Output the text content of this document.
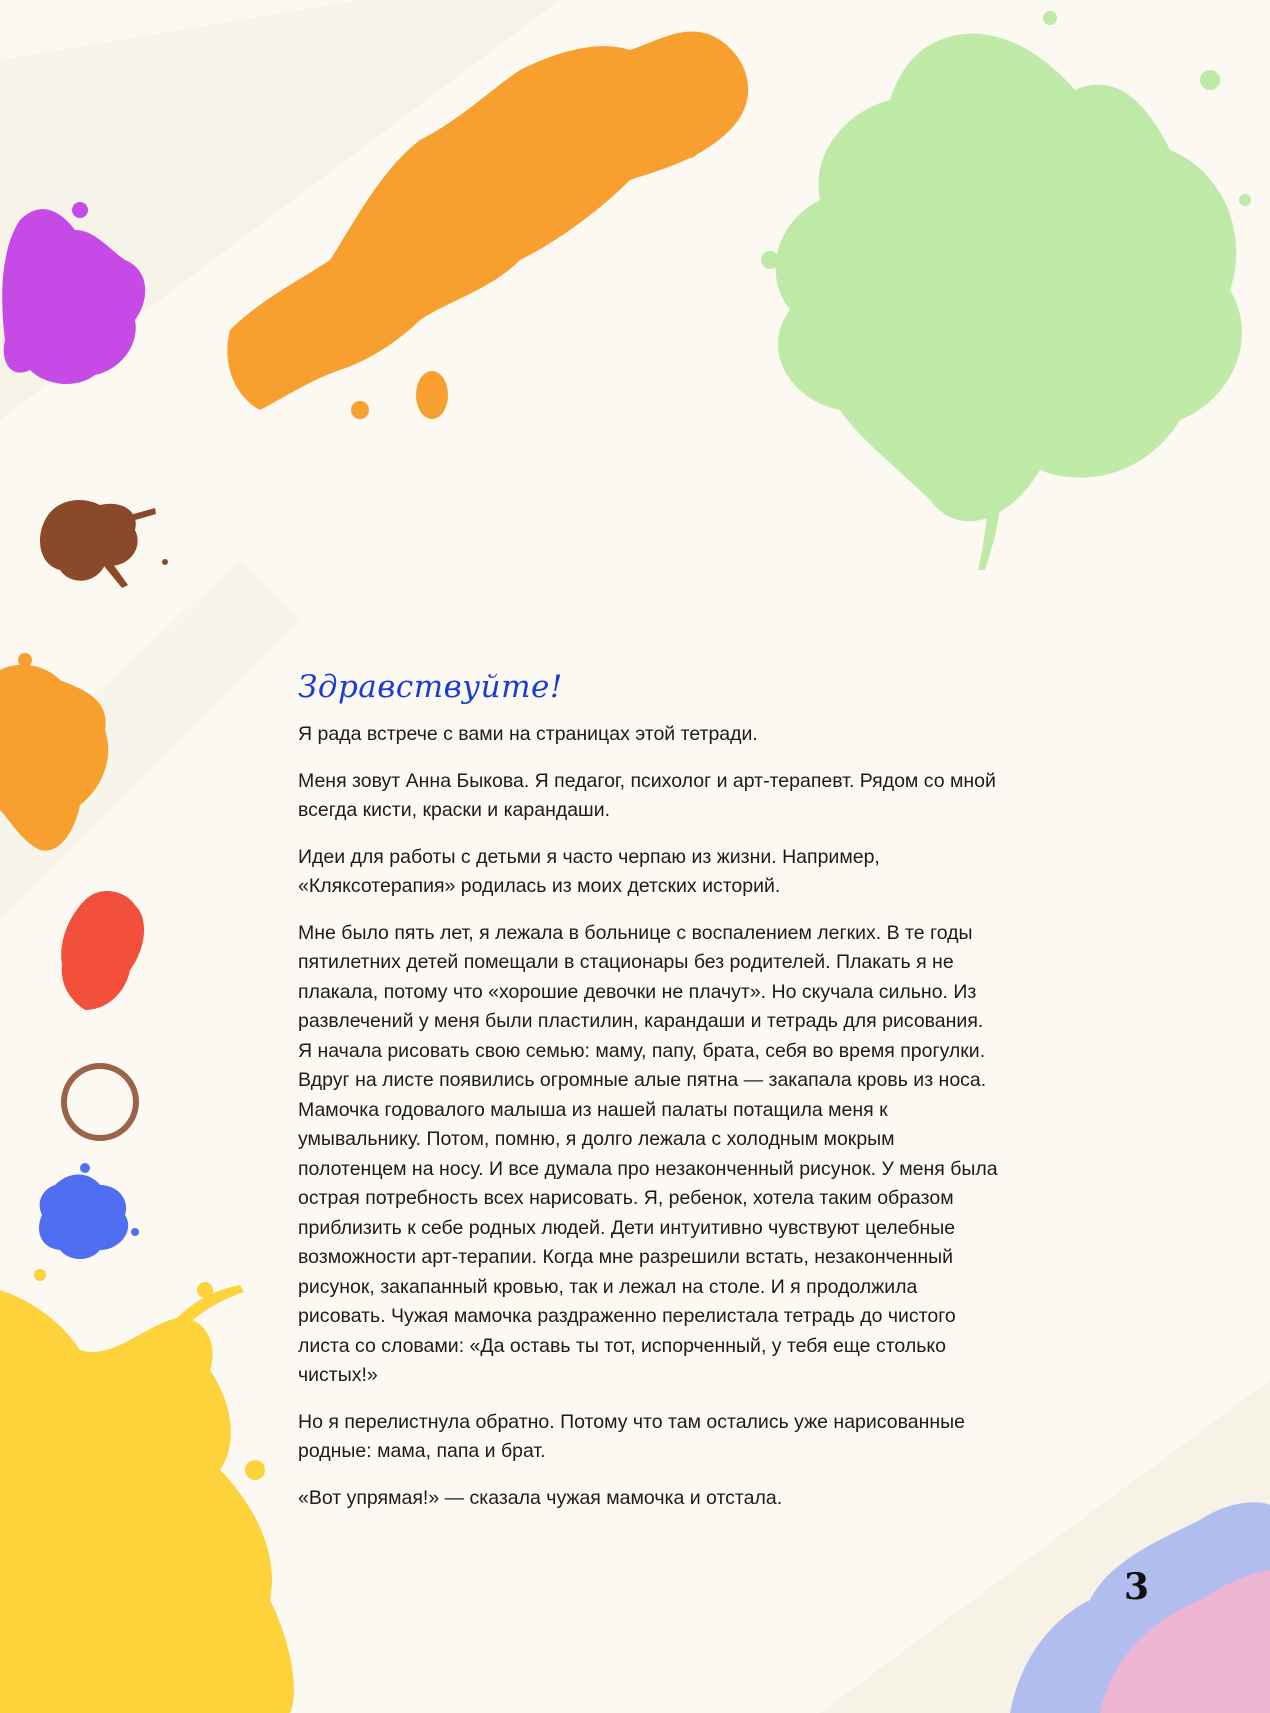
Здравствуйте!

Я рада встрече с вами на страницах этой тетради.

Меня зовут Анна Быкова. Я педагог, психолог и арт-терапевт. Рядом со мной всегда кисти, краски и карандаши.

Идеи для работы с детьми я часто черпаю из жизни. Например, «Кляксотерапия» родилась из моих детских историй.

Мне было пять лет, я лежала в больнице с воспалением легких. В те годы пятилетних детей помещали в стационары без родителей. Плакать я не плакала, потому что «хорошие девочки не плачут». Но скучала сильно. Из развлечений у меня были пластилин, карандаши и тетрадь для рисования. Я начала рисовать свою семью: маму, папу, брата, себя во время прогулки. Вдруг на листе появились огромные алые пятна — закапала кровь из носа. Мамочка годовалого малыша из нашей палаты потащила меня к умывальнику. Потом, помню, я долго лежала с холодным мокрым полотенцем на носу. И все думала про незаконченный рисунок. У меня была острая потребность всех нарисовать. Я, ребенок, хотела таким образом приблизить к себе родных людей. Дети интуитивно чувствуют целебные возможности арт-терапии. Когда мне разрешили встать, незаконченный рисунок, закапанный кровью, так и лежал на столе. И я продолжила рисовать. Чужая мамочка раздраженно перелистала тетрадь до чистого листа со словами: «Да оставь ты тот, испорченный, у тебя еще столько чистых!»

Но я перелистнула обратно. Потому что там остались уже нарисованные родные: мама, папа и брат.

«Вот упрямая!» — сказала чужая мамочка и отстала.

3
